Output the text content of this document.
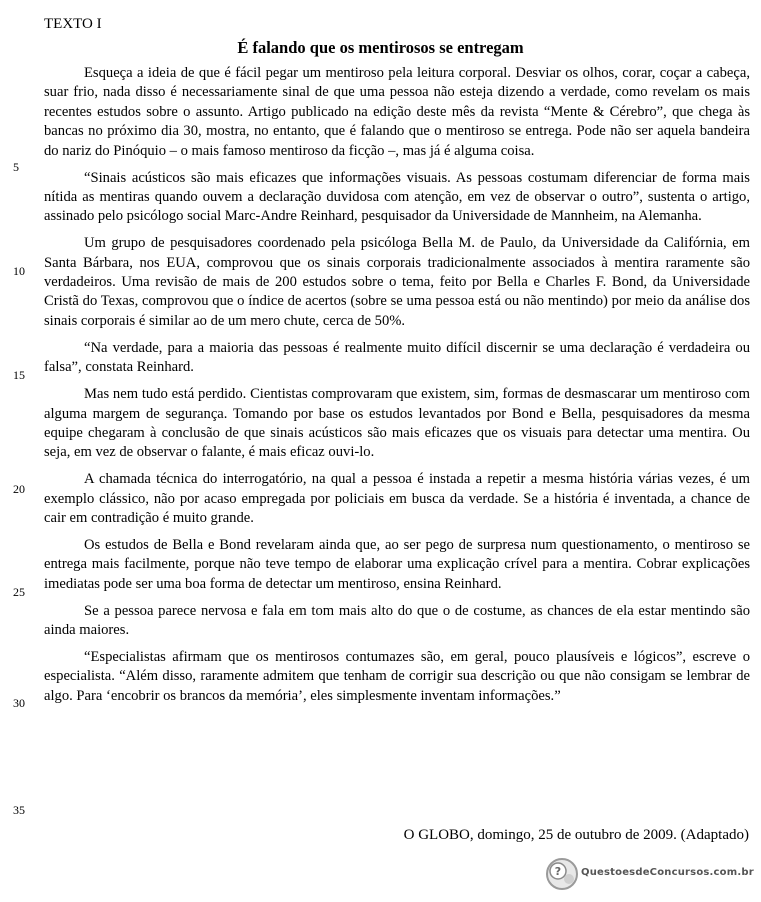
TEXTO I
É falando que os mentirosos se entregam

Esqueça a ideia de que é fácil pegar um mentiroso pela leitura corporal. Desviar os olhos, corar, coçar a cabeça, suar frio, nada disso é necessariamente sinal de que uma pessoa não esteja dizendo a verdade, como revelam os mais recentes estudos sobre o assunto. Artigo publicado na edição deste mês da revista “Mente & Cérebro”, que chega às bancas no próximo dia 30, mostra, no entanto, que é falando que o mentiroso se entrega. Pode não ser aquela bandeira do nariz do Pinóquio – o mais famoso mentiroso da ficção –, mas já é alguma coisa.

“Sinais acústicos são mais eficazes que informações visuais. As pessoas costumam diferenciar de forma mais nítida as mentiras quando ouvem a declaração duvidosa com atenção, em vez de observar o outro”, sustenta o artigo, assinado pelo psicólogo social Marc-Andre Reinhard, pesquisador da Universidade de Mannheim, na Alemanha.

Um grupo de pesquisadores coordenado pela psicóloga Bella M. de Paulo, da Universidade da Califórnia, em Santa Bárbara, nos EUA, comprovou que os sinais corporais tradicionalmente associados à mentira raramente são verdadeiros. Uma revisão de mais de 200 estudos sobre o tema, feito por Bella e Charles F. Bond, da Universidade Cristã do Texas, comprovou que o índice de acertos (sobre se uma pessoa está ou não mentindo) por meio da análise dos sinais corporais é similar ao de um mero chute, cerca de 50%.

“Na verdade, para a maioria das pessoas é realmente muito difícil discernir se uma declaração é verdadeira ou falsa”, constata Reinhard.

Mas nem tudo está perdido. Cientistas comprovaram que existem, sim, formas de desmascarar um mentiroso com alguma margem de segurança. Tomando por base os estudos levantados por Bond e Bella, pesquisadores da mesma equipe chegaram à conclusão de que sinais acústicos são mais eficazes que os visuais para detectar uma mentira. Ou seja, em vez de observar o falante, é mais eficaz ouvi-lo.

A chamada técnica do interrogatório, na qual a pessoa é instada a repetir a mesma história várias vezes, é um exemplo clássico, não por acaso empregada por policiais em busca da verdade. Se a história é inventada, a chance de cair em contradição é muito grande.

Os estudos de Bella e Bond revelaram ainda que, ao ser pego de surpresa num questionamento, o mentiroso se entrega mais facilmente, porque não teve tempo de elaborar uma explicação crível para a mentira. Cobrar explicações imediatas pode ser uma boa forma de detectar um mentiroso, ensina Reinhard.

Se a pessoa parece nervosa e fala em tom mais alto do que o de costume, as chances de ela estar mentindo são ainda maiores.

“Especialistas afirmam que os mentirosos contumazes são, em geral, pouco plausíveis e lógicos”, escreve o especialista. “Além disso, raramente admitem que tenham de corrigir sua descrição ou que não consigam se lembrar de algo. Para ‘encobrir os brancos da memória’, eles simplesmente inventam informações.”

5
10
15
20
25
30
35
O GLOBO, domingo, 25 de outubro de 2009. (Adaptado)
? QuestoesdeConcursos.com.br
